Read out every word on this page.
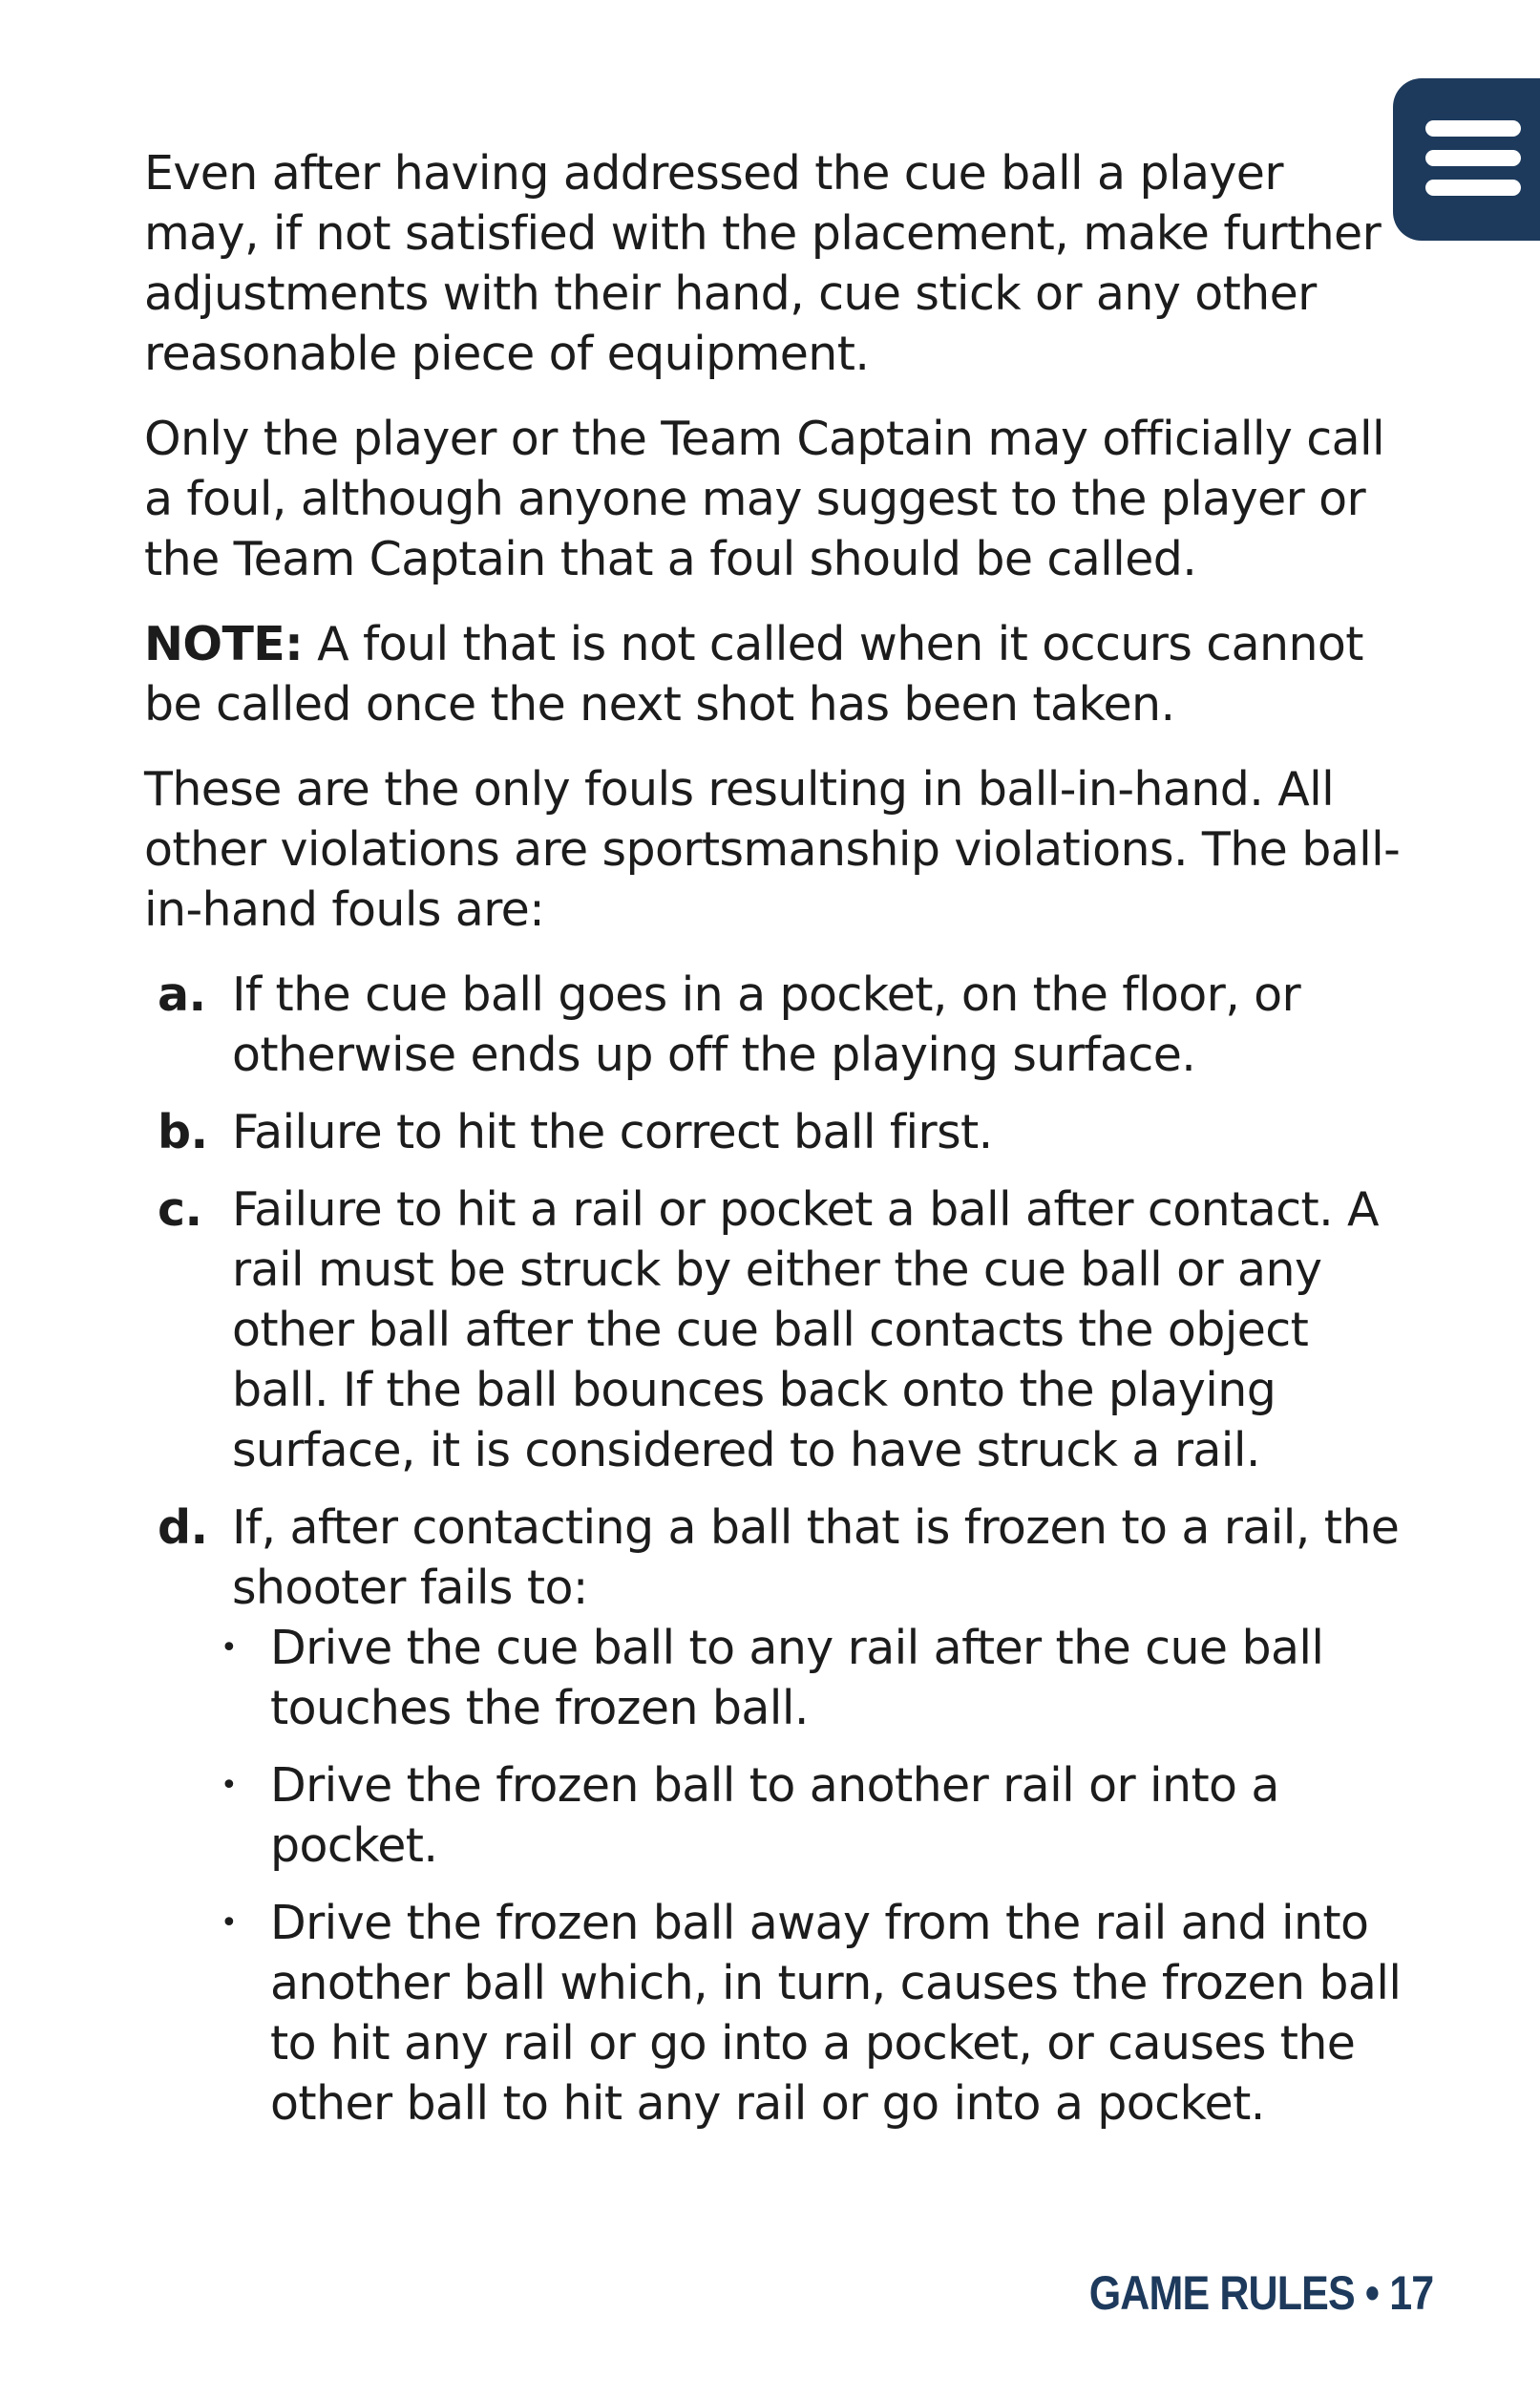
Even after having addressed the cue ball a player may, if not satisfied with the placement, make further adjustments with their hand, cue stick or any other reasonable piece of equipment.

Only the player or the Team Captain may officially call a foul, although anyone may suggest to the player or the Team Captain that a foul should be called.

NOTE: A foul that is not called when it occurs cannot be called once the next shot has been taken.

These are the only fouls resulting in ball-in-hand. All other violations are sportsmanship violations. The ball-in-hand fouls are:

a. If the cue ball goes in a pocket, on the floor, or otherwise ends up off the playing surface.
b. Failure to hit the correct ball first.
c. Failure to hit a rail or pocket a ball after contact. A rail must be struck by either the cue ball or any other ball after the cue ball contacts the object ball. If the ball bounces back onto the playing surface, it is considered to have struck a rail.
d. If, after contacting a ball that is frozen to a rail, the shooter fails to:
• Drive the cue ball to any rail after the cue ball touches the frozen ball.
• Drive the frozen ball to another rail or into a pocket.
• Drive the frozen ball away from the rail and into another ball which, in turn, causes the frozen ball to hit any rail or go into a pocket, or causes the other ball to hit any rail or go into a pocket.
GAME RULES • 17
